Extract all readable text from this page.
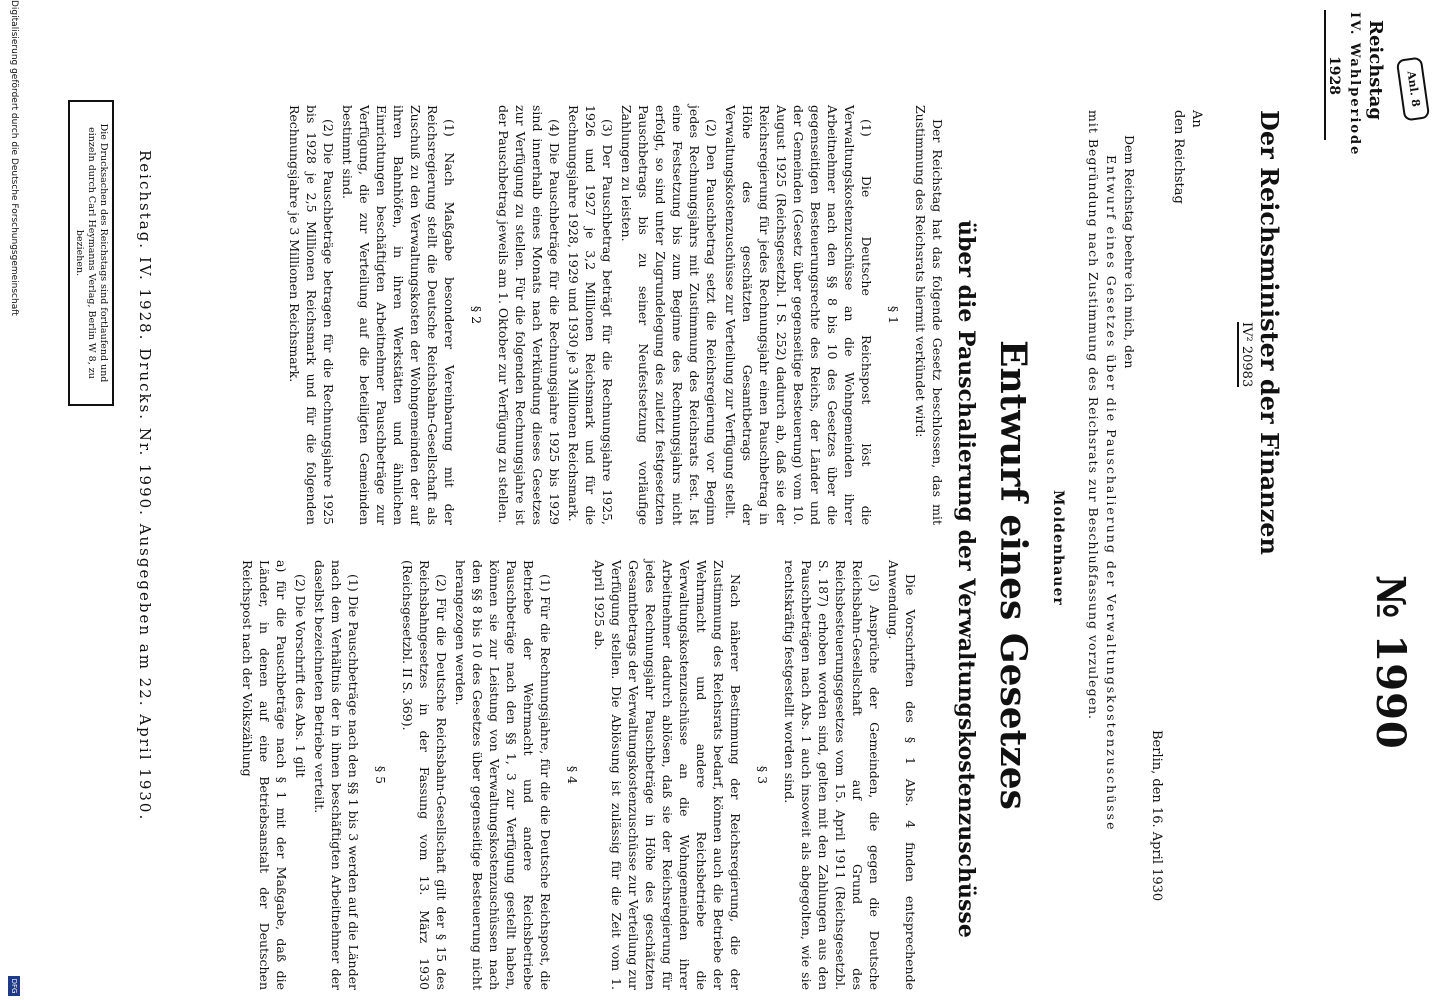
Anl. 8
Reichstag
IV. Wahlperiode
1928
№ 1990
Der Reichsminister der Finanzen
IV² 20983
An
den Reichstag
Berlin, den 16. April 1930
Dem Reichstag beehre ich mich, den
Entwurf eines Gesetzes über die Pauschalierung der Verwaltungskostenzuschüsse
mit Begründung nach Zustimmung des Reichsrats zur Beschlußfassung vorzulegen.
Moldenhauer
Entwurf eines Gesetzes
über die Pauschalierung der Verwaltungskostenzuschüsse

Der Reichstag hat das folgende Gesetz beschlossen, das mit Zustimmung des Reichsrats hiermit verkündet wird:

§ 1

(1) Die Deutsche Reichspost löst die Verwaltungskostenzuschüsse an die Wohngemeinden ihrer Arbeitnehmer nach den §§ 8 bis 10 des Gesetzes über die gegenseitigen Besteuerungsrechte des Reichs, der Länder und der Gemeinden (Gesetz über gegenseitige Besteuerung) vom 10. August 1925 (Reichsgesetzbl. I S. 252) dadurch ab, daß sie der Reichsregierung für jedes Rechnungsjahr einen Pauschbetrag in Höhe des geschätzten Gesamtbetrags der Verwaltungskostenzuschüsse zur Verteilung zur Verfügung stellt.

(2) Den Pauschbetrag setzt die Reichsregierung vor Beginn jedes Rechnungsjahrs mit Zustimmung des Reichsrats fest. Ist eine Festsetzung bis zum Beginne des Rechnungsjahrs nicht erfolgt, so sind unter Zugrundelegung des zuletzt festgesetzten Pauschbetrags bis zu seiner Neufestsetzung vorläufige Zahlungen zu leisten.

(3) Der Pauschbetrag beträgt für die Rechnungsjahre 1925, 1926 und 1927 je 3,2 Millionen Reichsmark und für die Rechnungsjahre 1928, 1929 und 1930 je 3 Millionen Reichsmark.

(4) Die Pauschbeträge für die Rechnungsjahre 1925 bis 1929 sind innerhalb eines Monats nach Verkündung dieses Gesetzes zur Verfügung zu stellen. Für die folgenden Rechnungsjahre ist der Pauschbetrag jeweils am 1. Oktober zur Verfügung zu stellen.

§ 2

(1) Nach Maßgabe besonderer Vereinbarung mit der Reichsregierung stellt die Deutsche Reichsbahn-Gesellschaft als Zuschuß zu den Verwaltungskosten der Wohngemeinden der auf ihren Bahnhöfen, in ihren Werkstätten und ähnlichen Einrichtungen beschäftigten Arbeitnehmer Pauschbeträge zur Verfügung, die zur Verteilung auf die beteiligten Gemeinden bestimmt sind.

(2) Die Pauschbeträge betragen für die Rechnungsjahre 1925 bis 1928 je 2,5 Millionen Reichsmark und für die folgenden Rechnungsjahre je 3 Millionen Reichsmark.

Die Vorschriften des § 1 Abs. 4 finden entsprechende Anwendung.

(3) Ansprüche der Gemeinden, die gegen die Deutsche Reichsbahn-Gesellschaft auf Grund des Reichsbesteuerungsgesetzes vom 15. April 1911 (Reichsgesetzbl. S. 187) erhoben worden sind, gelten mit den Zahlungen aus den Pauschbeträgen nach Abs. 1 auch insoweit als abgegolten, wie sie rechtskräftig festgestellt worden sind.

§ 3

Nach näherer Bestimmung der Reichsregierung, die der Zustimmung des Reichsrats bedarf, können auch die Betriebe der Wehrmacht und andere Reichsbetriebe die Verwaltungskostenzuschüsse an die Wohngemeinden ihrer Arbeitnehmer dadurch ablösen, daß sie der Reichsregierung für jedes Rechnungsjahr Pauschbeträge in Höhe des geschätzten Gesamtbetrags der Verwaltungskostenzuschüsse zur Verteilung zur Verfügung stellen. Die Ablösung ist zulässig für die Zeit vom 1. April 1925 ab.

§ 4

(1) Für die Rechnungsjahre, für die die Deutsche Reichspost, die Betriebe der Wehrmacht und andere Reichsbetriebe Pauschbeträge nach den §§ 1, 3 zur Verfügung gestellt haben, können sie zur Leistung von Verwaltungskostenzuschüssen nach den §§ 8 bis 10 des Gesetzes über gegenseitige Besteuerung nicht herangezogen werden.

(2) Für die Deutsche Reichsbahn-Gesellschaft gilt der § 15 des Reichsbahngesetzes in der Fassung vom 13. März 1930 (Reichsgesetzbl. II S. 369).

§ 5

(1) Die Pauschbeträge nach den §§ 1 bis 3 werden auf die Länder nach dem Verhältnis der in ihnen beschäftigten Arbeitnehmer der daselbst bezeichneten Betriebe verteilt.

(2) Die Vorschrift des Abs. 1 gilt

a) für die Pauschbeträge nach § 1 mit der Maßgabe, daß die Länder, in denen auf eine Betriebsanstalt der Deutschen Reichspost nach der Volkszählung

Reichstag. IV. 1928. Drucks. Nr. 1990. Ausgegeben am 22. April 1930.
Die Drucksachen des Reichstags sind fortlaufend und einzeln durch Carl Heymanns Verlag, Berlin W 8, zu beziehen.
Digitalisierung gefördert durch die Deutsche Forschungsgemeinschaft
DFG
